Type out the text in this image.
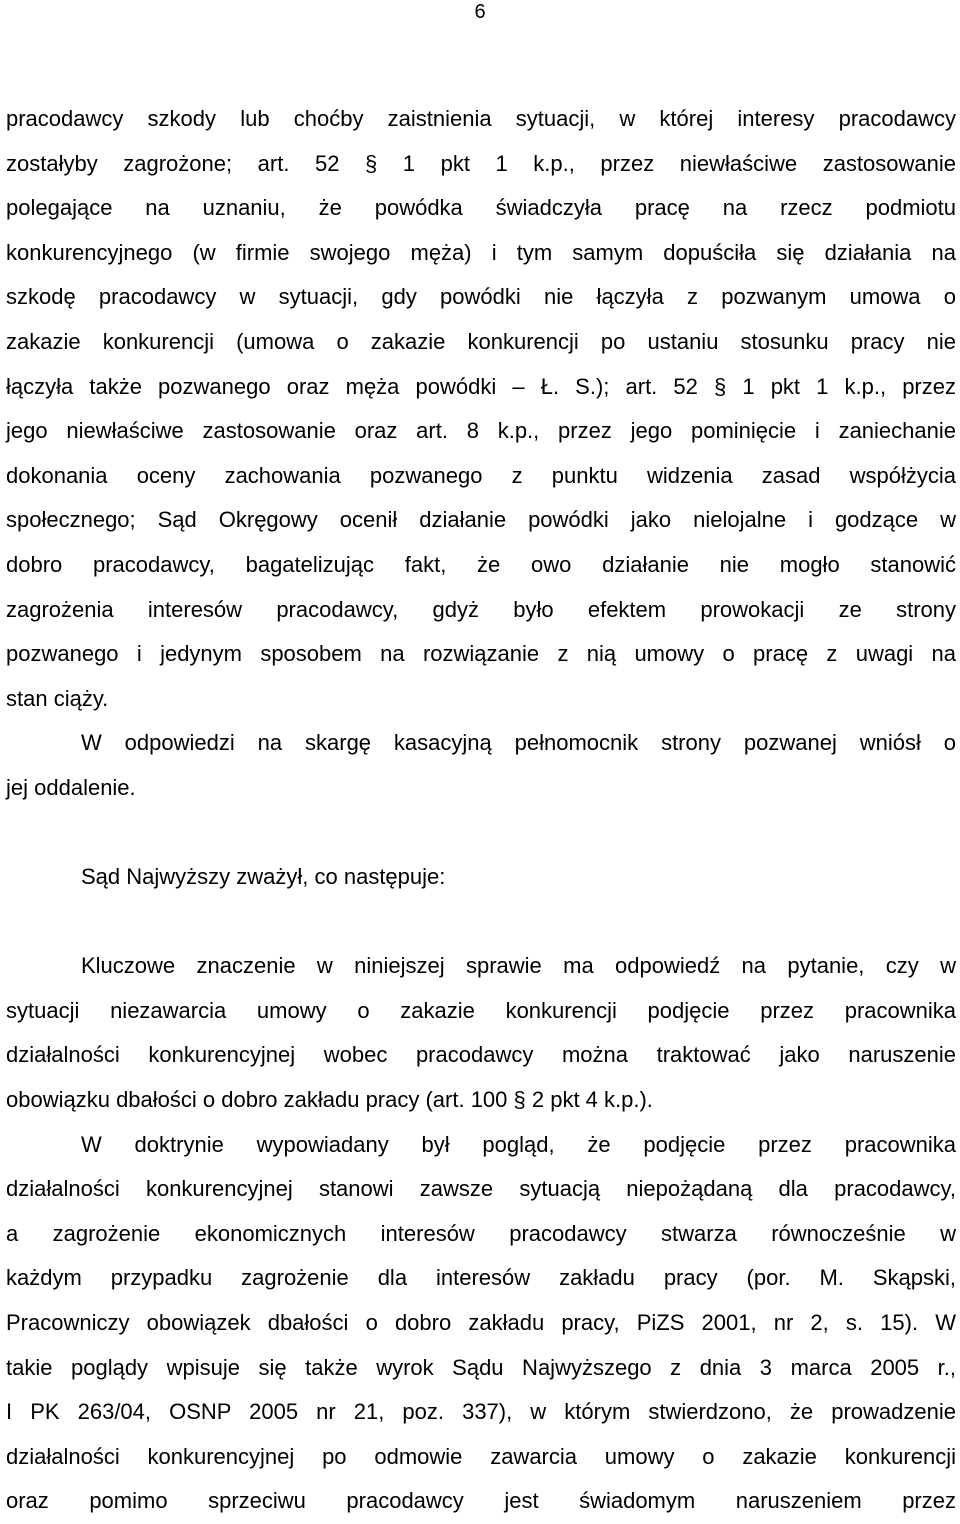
6
pracodawcy szkody lub choćby zaistnienia sytuacji, w której interesy pracodawcy
zostałyby zagrożone; art. 52 § 1 pkt 1 k.p., przez niewłaściwe zastosowanie
polegające na uznaniu, że powódka świadczyła pracę na rzecz podmiotu
konkurencyjnego (w firmie swojego męża) i tym samym dopuściła się działania na
szkodę pracodawcy w sytuacji, gdy powódki nie łączyła z pozwanym umowa o
zakazie konkurencji (umowa o zakazie konkurencji po ustaniu stosunku pracy nie
łączyła także pozwanego oraz męża powódki – Ł. S.); art. 52 § 1 pkt 1 k.p., przez
jego niewłaściwe zastosowanie oraz art. 8 k.p., przez jego pominięcie i zaniechanie
dokonania oceny zachowania pozwanego z punktu widzenia zasad współżycia
społecznego; Sąd Okręgowy ocenił działanie powódki jako nielojalne i godzące w
dobro pracodawcy, bagatelizując fakt, że owo działanie nie mogło stanowić
zagrożenia interesów pracodawcy, gdyż było efektem prowokacji ze strony
pozwanego i jedynym sposobem na rozwiązanie z nią umowy o pracę z uwagi na
stan ciąży.
W odpowiedzi na skargę kasacyjną pełnomocnik strony pozwanej wniósł o
jej oddalenie.
Sąd Najwyższy zważył, co następuje:
Kluczowe znaczenie w niniejszej sprawie ma odpowiedź na pytanie, czy w
sytuacji niezawarcia umowy o zakazie konkurencji podjęcie przez pracownika
działalności konkurencyjnej wobec pracodawcy można traktować jako naruszenie
obowiązku dbałości o dobro zakładu pracy (art. 100 § 2 pkt 4 k.p.).
W doktrynie wypowiadany był pogląd, że podjęcie przez pracownika
działalności konkurencyjnej stanowi zawsze sytuacją niepożądaną dla pracodawcy,
a zagrożenie ekonomicznych interesów pracodawcy stwarza równocześnie w
każdym przypadku zagrożenie dla interesów zakładu pracy (por. M. Skąpski,
Pracowniczy obowiązek dbałości o dobro zakładu pracy, PiZS 2001, nr 2, s. 15). W
takie poglądy wpisuje się także wyrok Sądu Najwyższego z dnia 3 marca 2005 r.,
I PK 263/04, OSNP 2005 nr 21, poz. 337), w którym stwierdzono, że prowadzenie
działalności konkurencyjnej po odmowie zawarcia umowy o zakazie konkurencji
oraz pomimo sprzeciwu pracodawcy jest świadomym naruszeniem przez
